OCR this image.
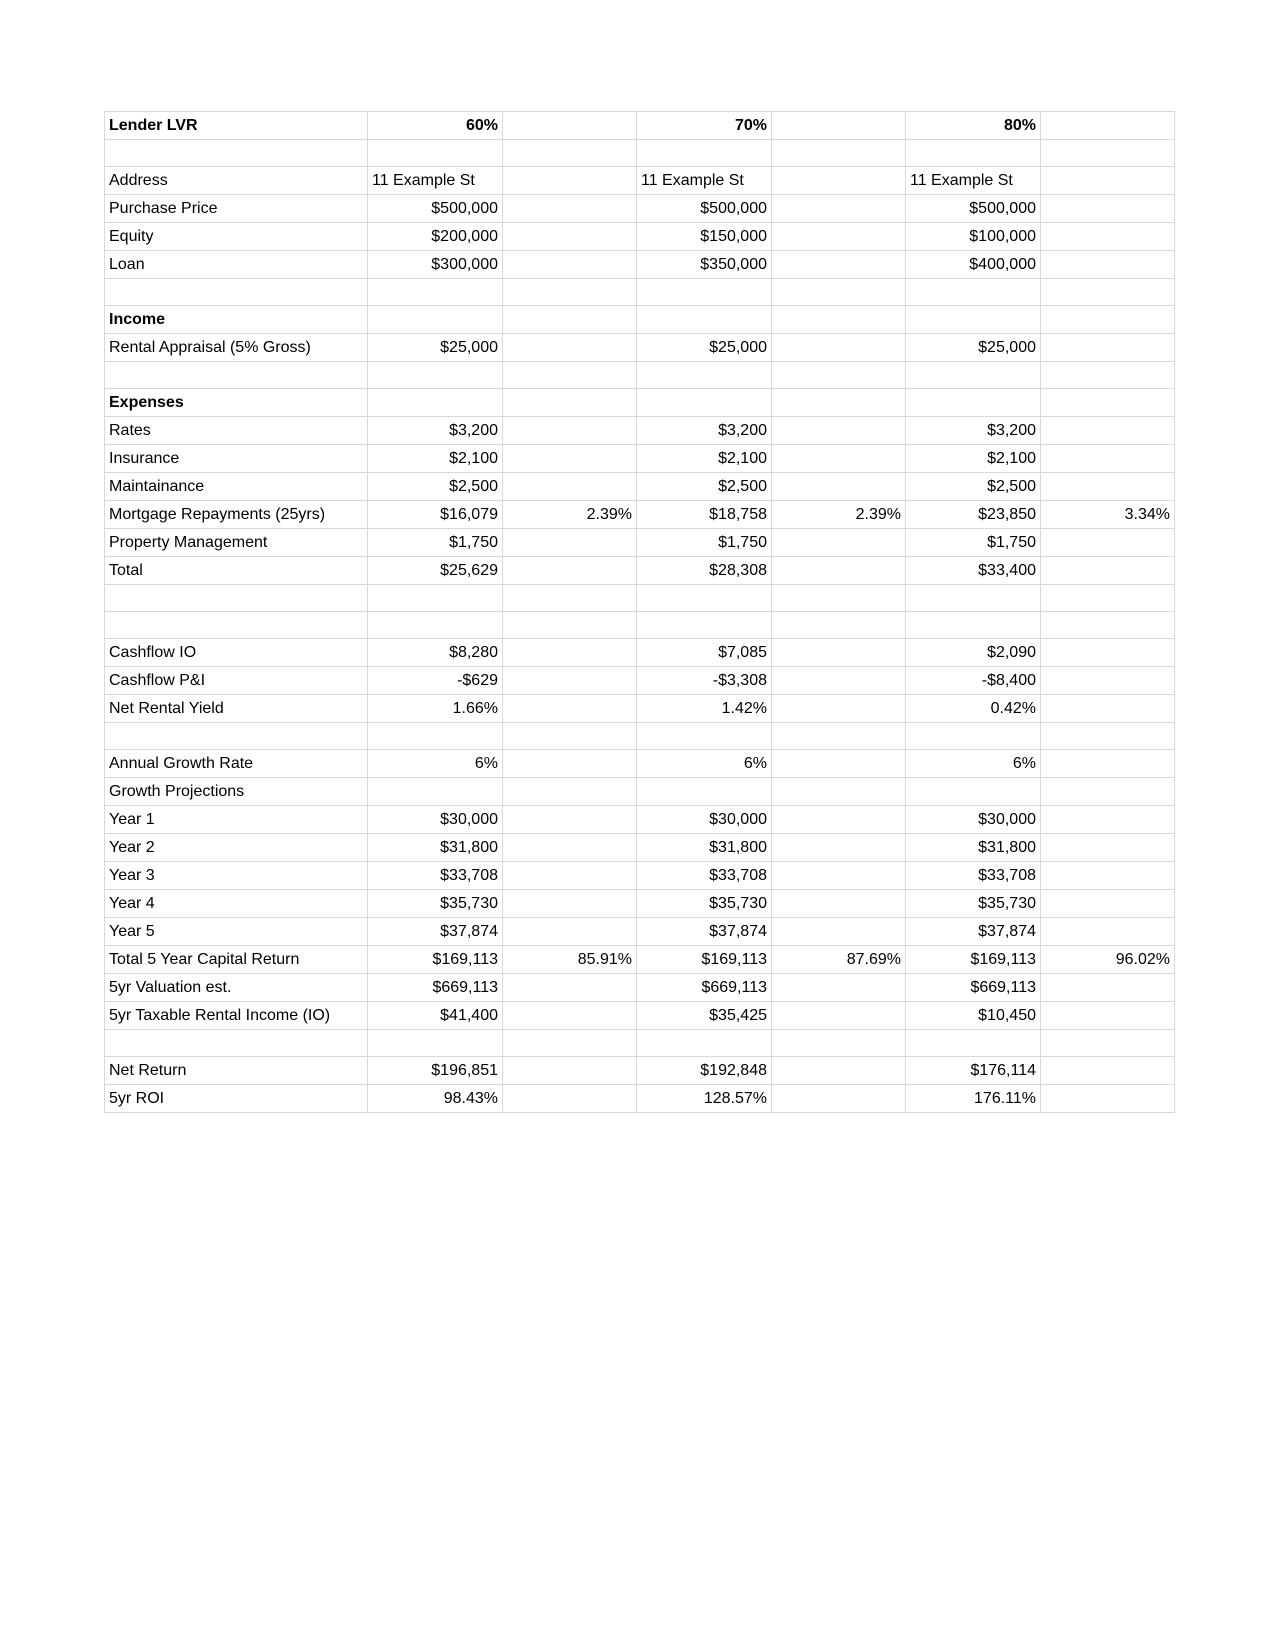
Lender LVR	60%		70%		80%	

Address	11 Example St		11 Example St		11 Example St	
Purchase Price	$500,000		$500,000		$500,000	
Equity	$200,000		$150,000		$100,000	
Loan	$300,000		$350,000		$400,000	

Income						
Rental Appraisal (5% Gross)	$25,000		$25,000		$25,000	

Expenses						
Rates	$3,200		$3,200		$3,200	
Insurance	$2,100		$2,100		$2,100	
Maintainance	$2,500		$2,500		$2,500	
Mortgage Repayments (25yrs)	$16,079	2.39%	$18,758	2.39%	$23,850	3.34%
Property Management	$1,750		$1,750		$1,750	
Total	$25,629		$28,308		$33,400	

Cashflow IO	$8,280		$7,085		$2,090	
Cashflow P&I	-$629		-$3,308		-$8,400	
Net Rental Yield	1.66%		1.42%		0.42%	

Annual Growth Rate	6%		6%		6%	
Growth Projections						
Year 1	$30,000		$30,000		$30,000	
Year 2	$31,800		$31,800		$31,800	
Year 3	$33,708		$33,708		$33,708	
Year 4	$35,730		$35,730		$35,730	
Year 5	$37,874		$37,874		$37,874	
Total 5 Year Capital Return	$169,113	85.91%	$169,113	87.69%	$169,113	96.02%
5yr Valuation est.	$669,113		$669,113		$669,113	
5yr Taxable Rental Income (IO)	$41,400		$35,425		$10,450	

Net Return	$196,851		$192,848		$176,114	
5yr ROI	98.43%		128.57%		176.11%	
